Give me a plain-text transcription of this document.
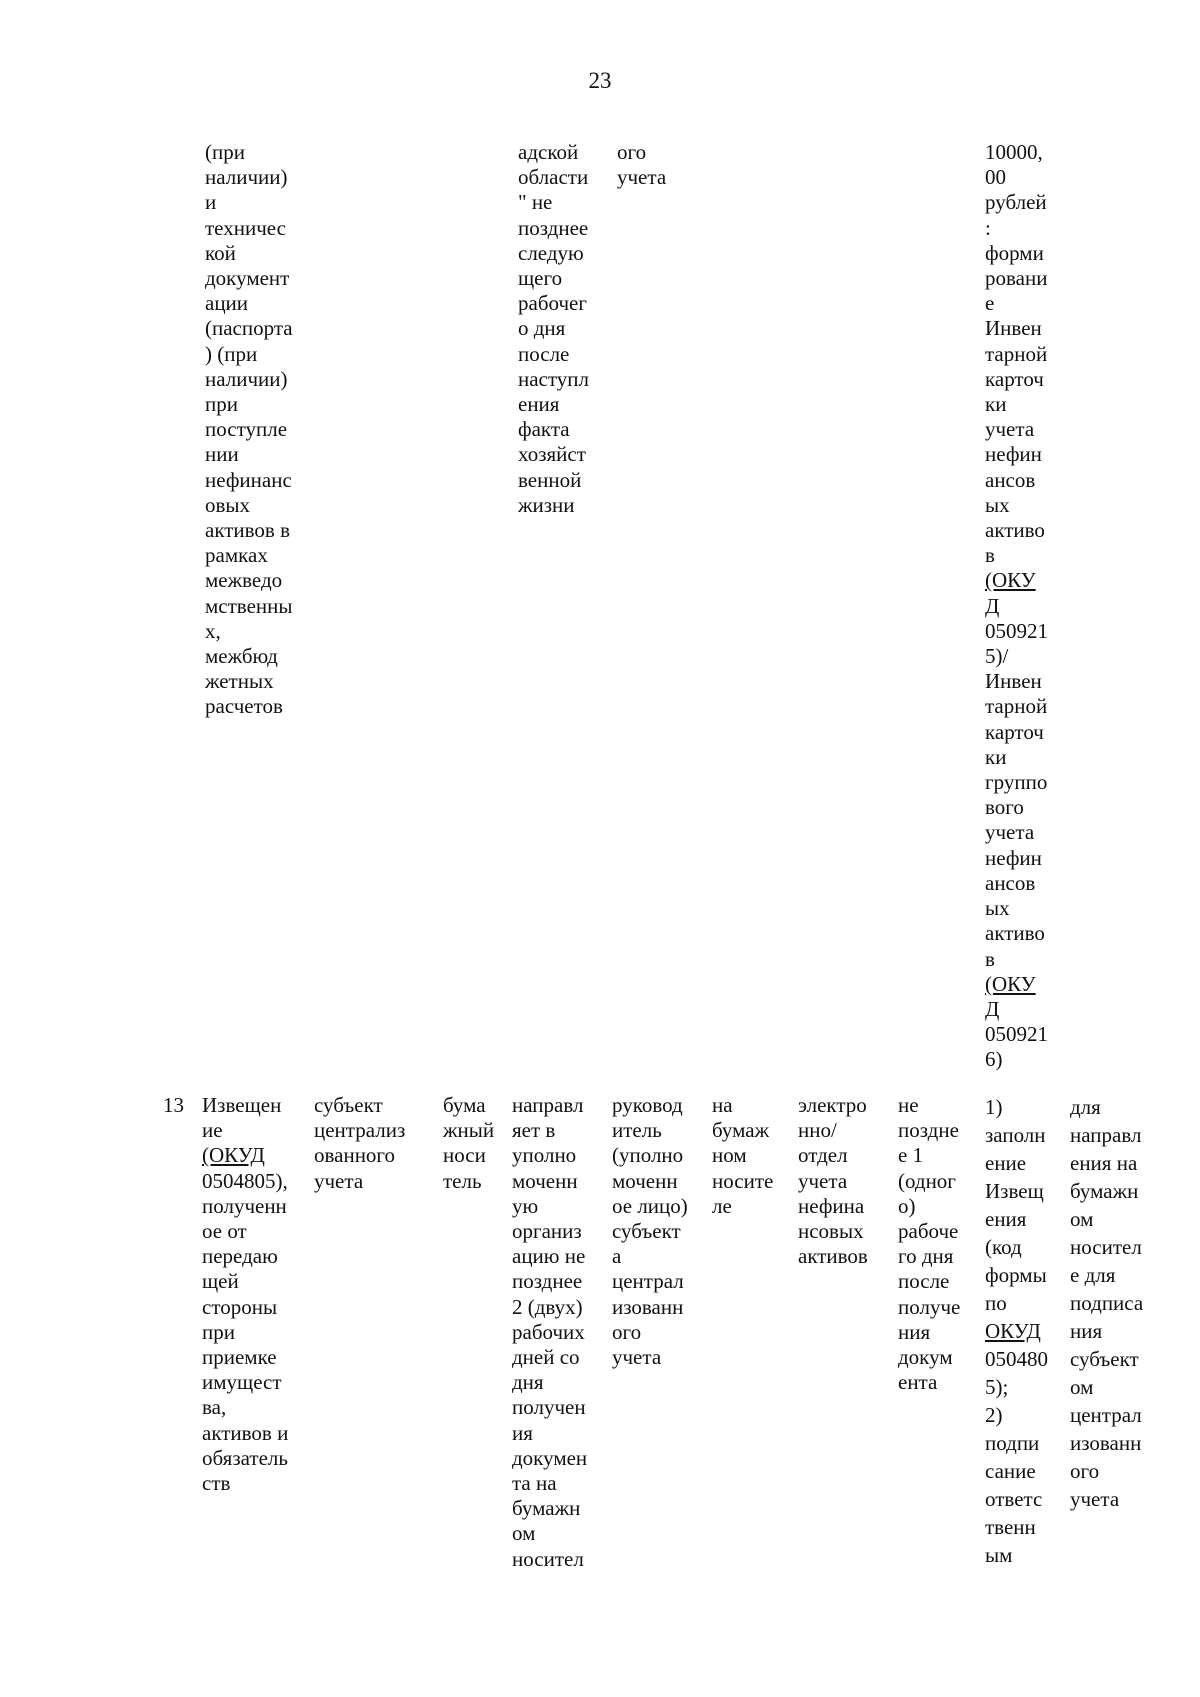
23
(при
наличии)
и
техничес
кой
документ
ации
(паспорта
) (при
наличии)
при
поступле
нии
нефинанс
овых
активов в
рамках
межведо
мственны
х,
межбюд
жетных
расчетов
адской
области
" не
позднее
следую
щего
рабочег
о дня
после
наступл
ения
факта
хозяйст
венной
жизни
ого
учета
10000,
00
рублей
:
форми
ровани
е
Инвен
тарной
карточ
ки
учета
нефин
ансов
ых
активо
в
(ОКУ
Д
050921
5)/
Инвен
тарной
карточ
ки
группо
вого
учета
нефин
ансов
ых
активо
в
(ОКУ
Д
050921
6)
13 Извещен
ие
(ОКУД
0504805),
полученн
ое от
передаю
щей
стороны
при
приемке
имущест
ва,
активов и
обязатель
ств
субъект
централиз
ованного
учета
бума
жный
носи
тель
направл
яет в
уполно
моченн
ую
организ
ацию не
позднее
2 (двух)
рабочих
дней со
дня
получен
ия
докумен
та на
бумажн
ом
носител
руковод
итель
(уполно
моченн
ое лицо)
субъект
а
централ
изованн
ого
учета
на
бумаж
ном
носите
ле
электро
нно/
отдел
учета
нефина
нсовых
активов
не
поздне
е 1
(одног
о)
рабоче
го дня
после
получе
ния
докум
ента
1)
заполн
ение
Извещ
ения
(код
формы
по
ОКУД
050480
5);
2)
подпи
сание
ответс
твенн
ым
для
направл
ения на
бумажн
ом
носител
е для
подписа
ния
субъект
ом
централ
изованн
ого
учета
